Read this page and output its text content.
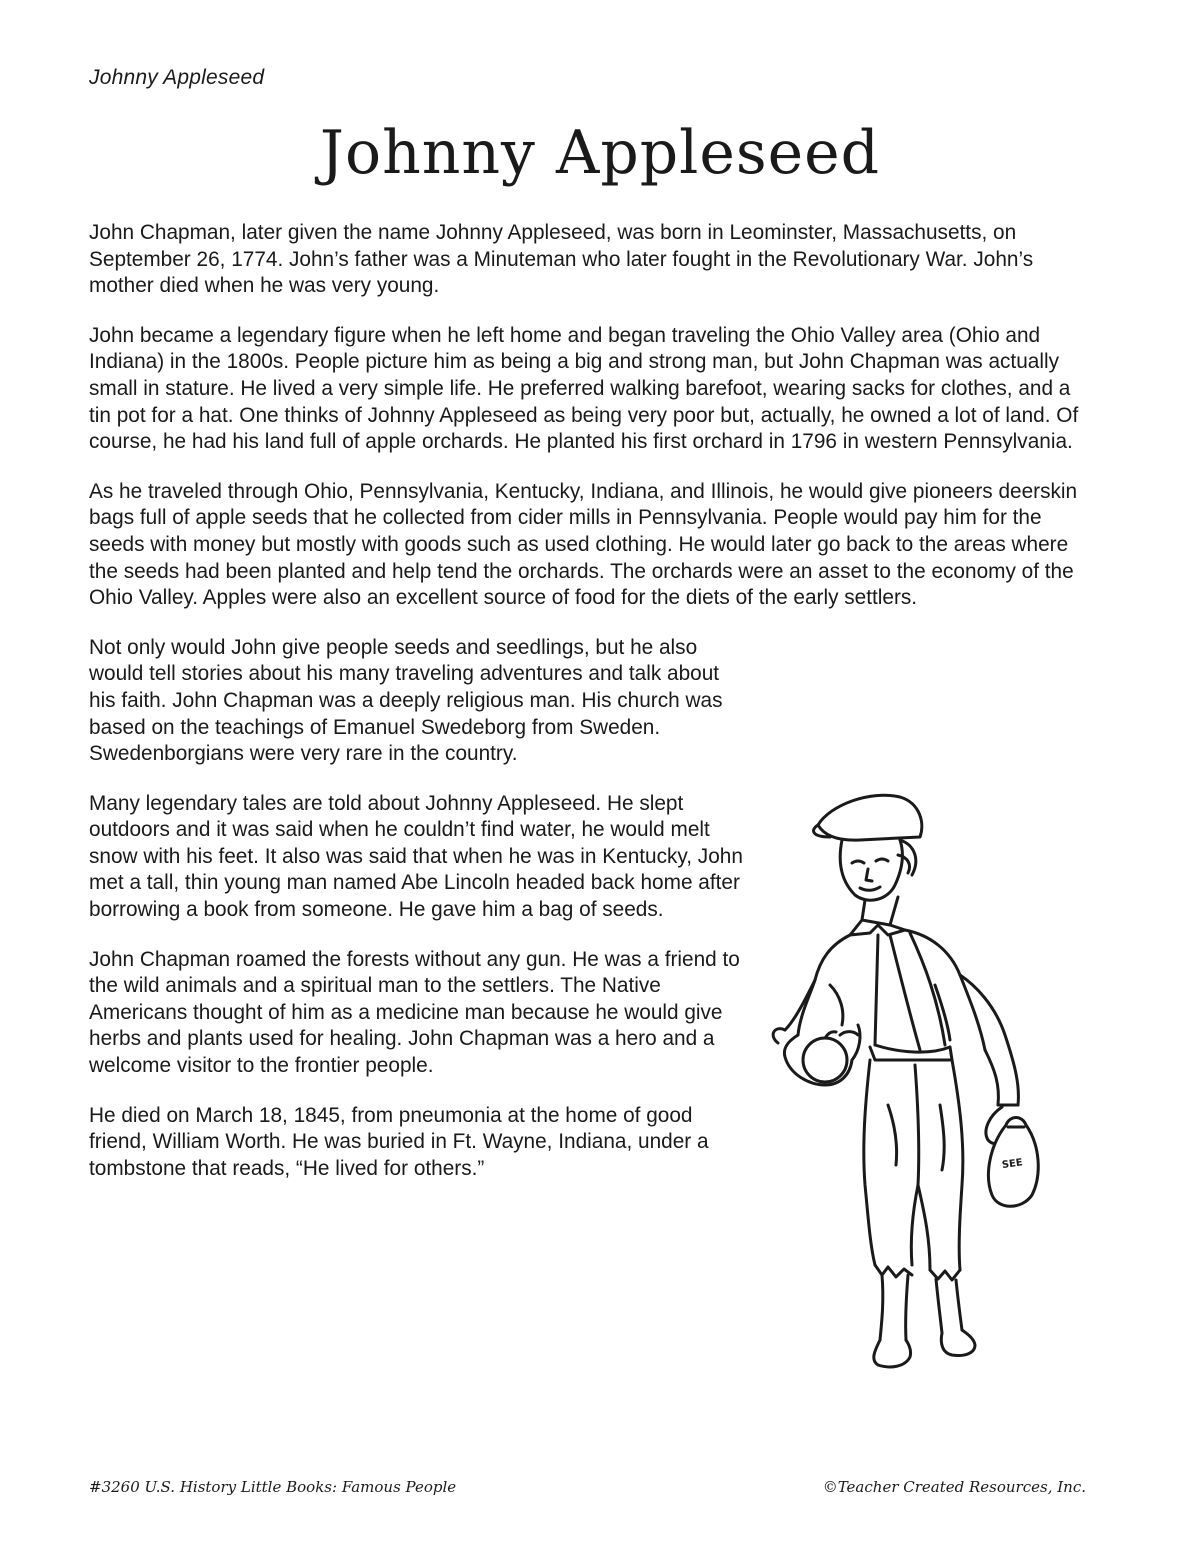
Johnny Appleseed
Johnny Appleseed

John Chapman, later given the name Johnny Appleseed, was born in Leominster, Massachusetts, on September 26, 1774. John’s father was a Minuteman who later fought in the Revolutionary War. John’s mother died when he was very young.

John became a legendary figure when he left home and began traveling the Ohio Valley area (Ohio and Indiana) in the 1800s. People picture him as being a big and strong man, but John Chapman was actually small in stature. He lived a very simple life. He preferred walking barefoot, wearing sacks for clothes, and a tin pot for a hat. One thinks of Johnny Appleseed as being very poor but, actually, he owned a lot of land. Of course, he had his land full of apple orchards. He planted his first orchard in 1796 in western Pennsylvania.

As he traveled through Ohio, Pennsylvania, Kentucky, Indiana, and Illinois, he would give pioneers deerskin bags full of apple seeds that he collected from cider mills in Pennsylvania. People would pay him for the seeds with money but mostly with goods such as used clothing. He would later go back to the areas where the seeds had been planted and help tend the orchards. The orchards were an asset to the economy of the Ohio Valley. Apples were also an excellent source of food for the diets of the early settlers.

Not only would John give people seeds and seedlings, but he also would tell stories about his many traveling adventures and talk about his faith. John Chapman was a deeply religious man. His church was based on the teachings of Emanuel Swedeborg from Sweden. Swedenborgians were very rare in the country.

Many legendary tales are told about Johnny Appleseed. He slept outdoors and it was said when he couldn’t find water, he would melt snow with his feet. It also was said that when he was in Kentucky, John met a tall, thin young man named Abe Lincoln headed back home after borrowing a book from someone. He gave him a bag of seeds.

John Chapman roamed the forests without any gun. He was a friend to the wild animals and a spiritual man to the settlers. The Native Americans thought of him as a medicine man because he would give herbs and plants used for healing. John Chapman was a hero and a welcome visitor to the frontier people.

He died on March 18, 1845, from pneumonia at the home of good friend, William Worth. He was buried in Ft. Wayne, Indiana, under a tombstone that reads, “He lived for others.”	SEE
#3260 U.S. History Little Books: Famous People	©Teacher Created Resources, Inc.
